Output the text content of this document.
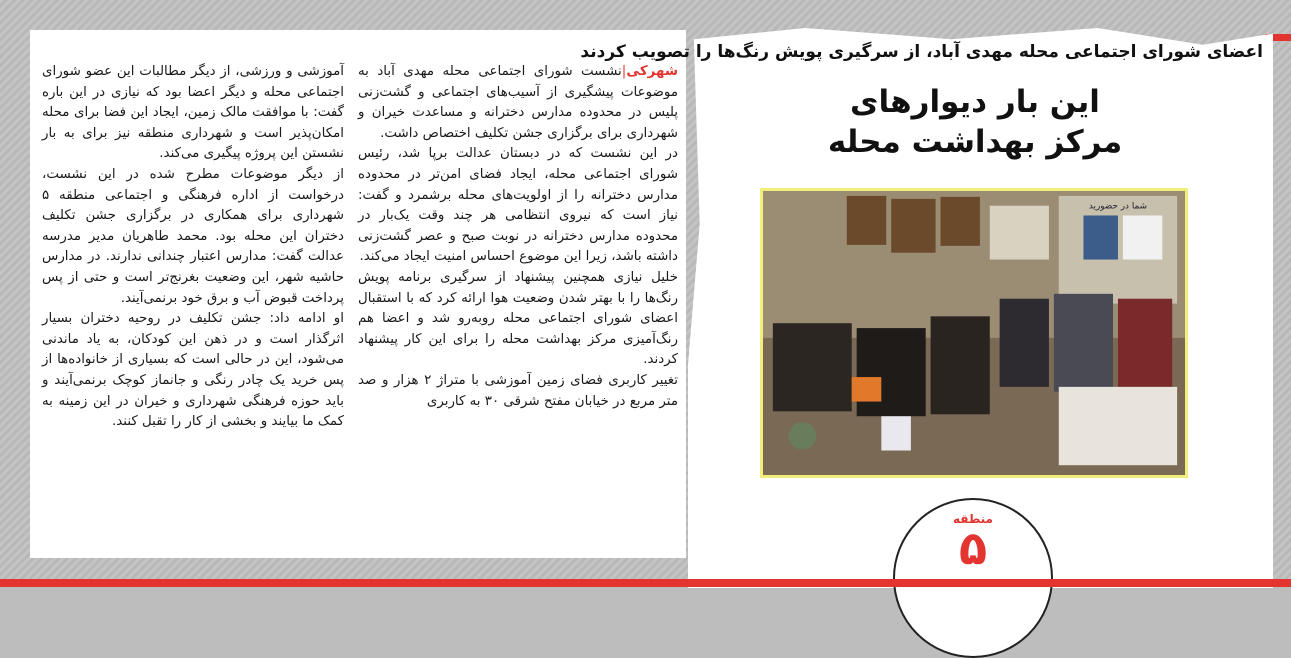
اعضای شورای اجتماعی محله مهدی آباد، از سرگیری پویش رنگ‌ها را تصویب کردند
این بار دیوارهای
مرکز بهداشت محله
شما در حضورید
منطقه
۵

شهرکی|نشست شورای اجتماعی محله مهدی آباد به موضوعات پیشگیری از آسیب‌های اجتماعی و گشت‌زنی پلیس در محدوده مدارس دخترانه و مساعدت خیران و شهرداری برای برگزاری جشن تکلیف اختصاص داشت.

در این نشست که در دبستان عدالت برپا شد، رئیس شورای اجتماعی محله، ایجاد فضای امن‌تر در محدوده مدارس دخترانه را از اولویت‌های محله برشمرد و گفت: نیاز است که نیروی انتظامی هر چند وقت یک‌بار در محدوده مدارس دخترانه در نوبت صبح و عصر گشت‌زنی داشته باشد، زیرا این موضوع احساس امنیت ایجاد می‌کند.

خلیل نیازی همچنین پیشنهاد از سرگیری برنامه پویش رنگ‌ها را با بهتر شدن وضعیت هوا ارائه کرد که با استقبال اعضای شورای اجتماعی محله روبه‌رو شد و اعضا هم رنگ‌آمیزی مرکز بهداشت محله را برای این کار پیشنهاد کردند.

تغییر کاربری فضای زمین آموزشی با متراژ ۲ هزار و صد متر مربع در خیابان مفتح شرقی ۳۰ به کاربری

آموزشی و ورزشی، از دیگر مطالبات این عضو شورای اجتماعی محله و دیگر اعضا بود که نیازی در این باره گفت: با موافقت مالک زمین، ایجاد این فضا برای محله امکان‌پذیر است و شهرداری منطقه نیز برای به بار نشستن این پروژه پیگیری می‌کند.

از دیگر موضوعات مطرح شده در این نشست، درخواست از اداره فرهنگی و اجتماعی منطقه ۵ شهرداری برای همکاری در برگزاری جشن تکلیف دختران این محله بود. محمد طاهریان مدیر مدرسه عدالت گفت: مدارس اعتبار چندانی ندارند. در مدارس حاشیه شهر، این وضعیت بغرنج‌تر است و حتی از پس پرداخت قبوض آب و برق خود برنمی‌آیند.

او ادامه داد: جشن تکلیف در روحیه دختران بسیار اثرگذار است و در ذهن این کودکان، به یاد ماندنی می‌شود، این در حالی است که بسیاری از خانواده‌ها از پس خرید یک چادر رنگی و جانماز کوچک برنمی‌آیند و باید حوزه فرهنگی شهرداری و خیران در این زمینه به کمک ما بیایند و بخشی از کار را تقبل کنند.
